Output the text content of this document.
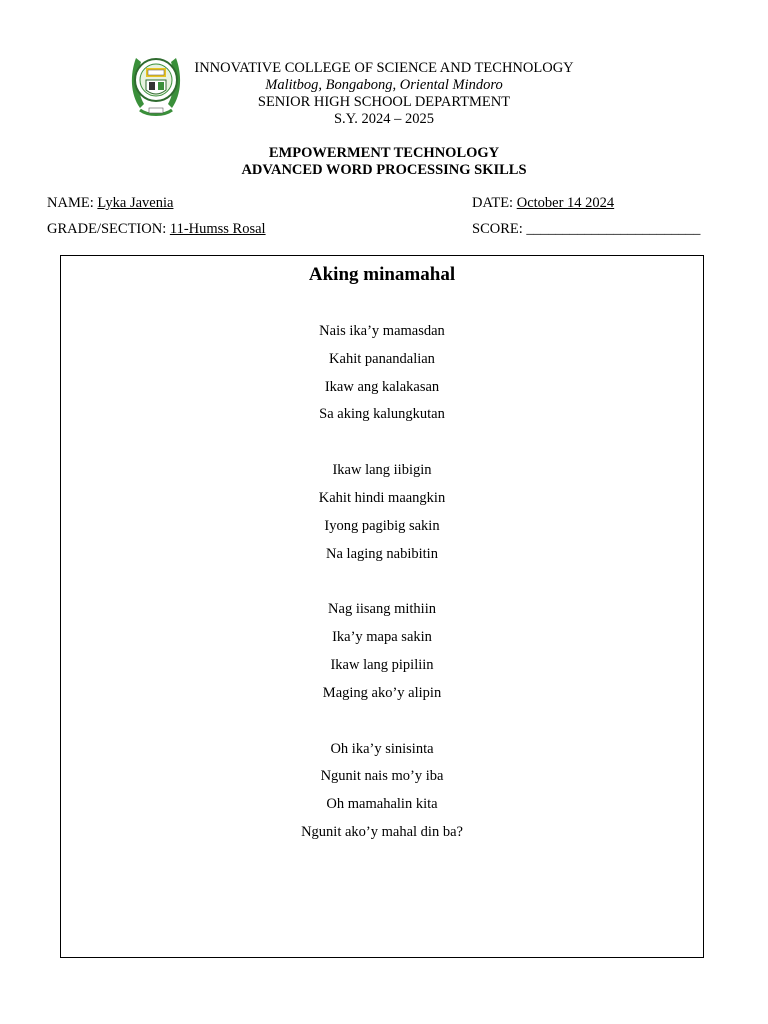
INNOVATIVE COLLEGE OF SCIENCE AND TECHNOLOGY
Malitbog, Bongabong, Oriental Mindoro
SENIOR HIGH SCHOOL DEPARTMENT
S.Y. 2024 – 2025
EMPOWERMENT TECHNOLOGY
ADVANCED WORD PROCESSING SKILLS
NAME: Lyka Javenia	DATE: October 14 2024
GRADE/SECTION: 11-Humss Rosal	SCORE: ________________________
Aking minamahal
Nais ika’y mamasdan
Kahit panandalian
Ikaw ang kalakasan
Sa aking kalungkutan
Ikaw lang iibigin
Kahit hindi maangkin
Iyong pagibig sakin
Na laging nabibitin
Nag iisang mithiin
Ika’y mapa sakin
Ikaw lang pipiliin
Maging ako’y alipin
Oh ika’y sinisinta
Ngunit nais mo’y iba
Oh mamahalin kita
Ngunit ako’y mahal din ba?
